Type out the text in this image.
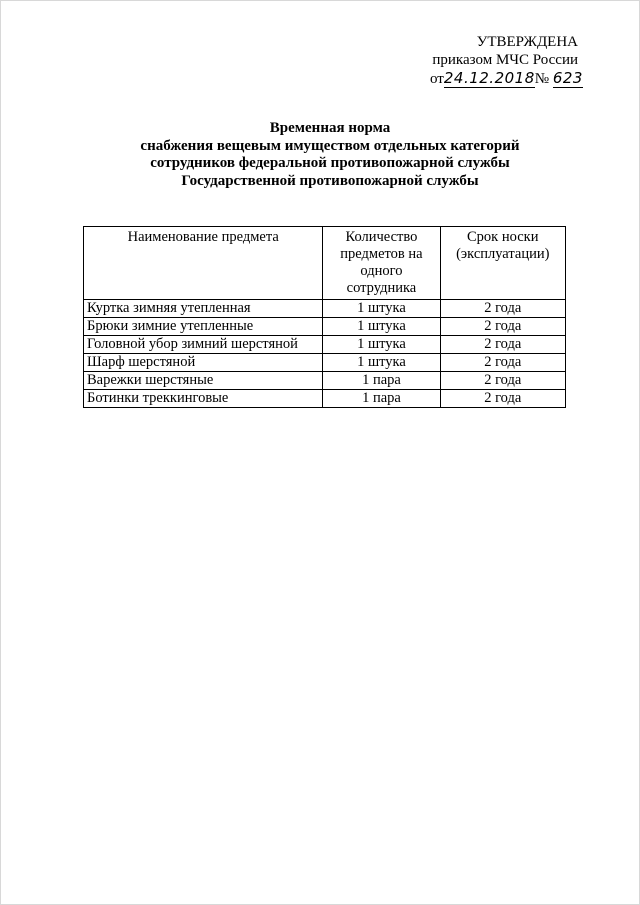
УТВЕРЖДЕНА
приказом МЧС России
от24.12.2018№ 623
Временная норма
снабжения вещевым имуществом отдельных категорий
сотрудников федеральной противопожарной службы
Государственной противопожарной службы
Наименование предмета	Количество предметов на одного сотрудника	Срок носки (эксплуатации)
Куртка зимняя утепленная	1 штука	2 года
Брюки зимние утепленные	1 штука	2 года
Головной убор зимний шерстяной	1 штука	2 года
Шарф шерстяной	1 штука	2 года
Варежки шерстяные	1 пара	2 года
Ботинки треккинговые	1 пара	2 года
